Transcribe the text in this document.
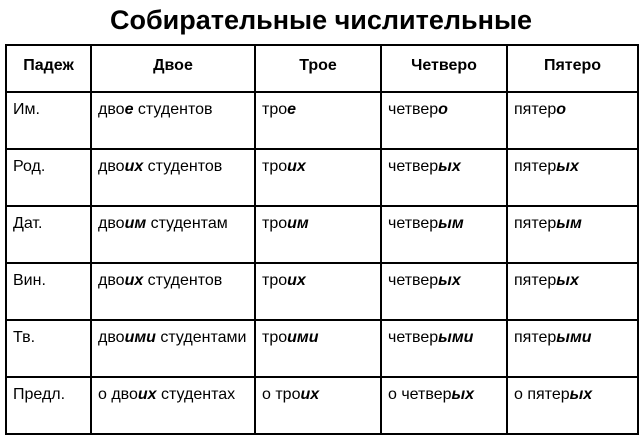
Собирательные числительные
Падеж	Двое	Трое	Четверо	Пятеро
Им.	двое студентов	трое	четверо	пятеро
Род.	двоих студентов	троих	четверых	пятерых
Дат.	двоим студентам	троим	четверым	пятерым
Вин.	двоих студентов	троих	четверых	пятерых
Тв.	двоими студентами	троими	четверыми	пятерыми
Предл.	о двоих студентах	о троих	о четверых	о пятерых
